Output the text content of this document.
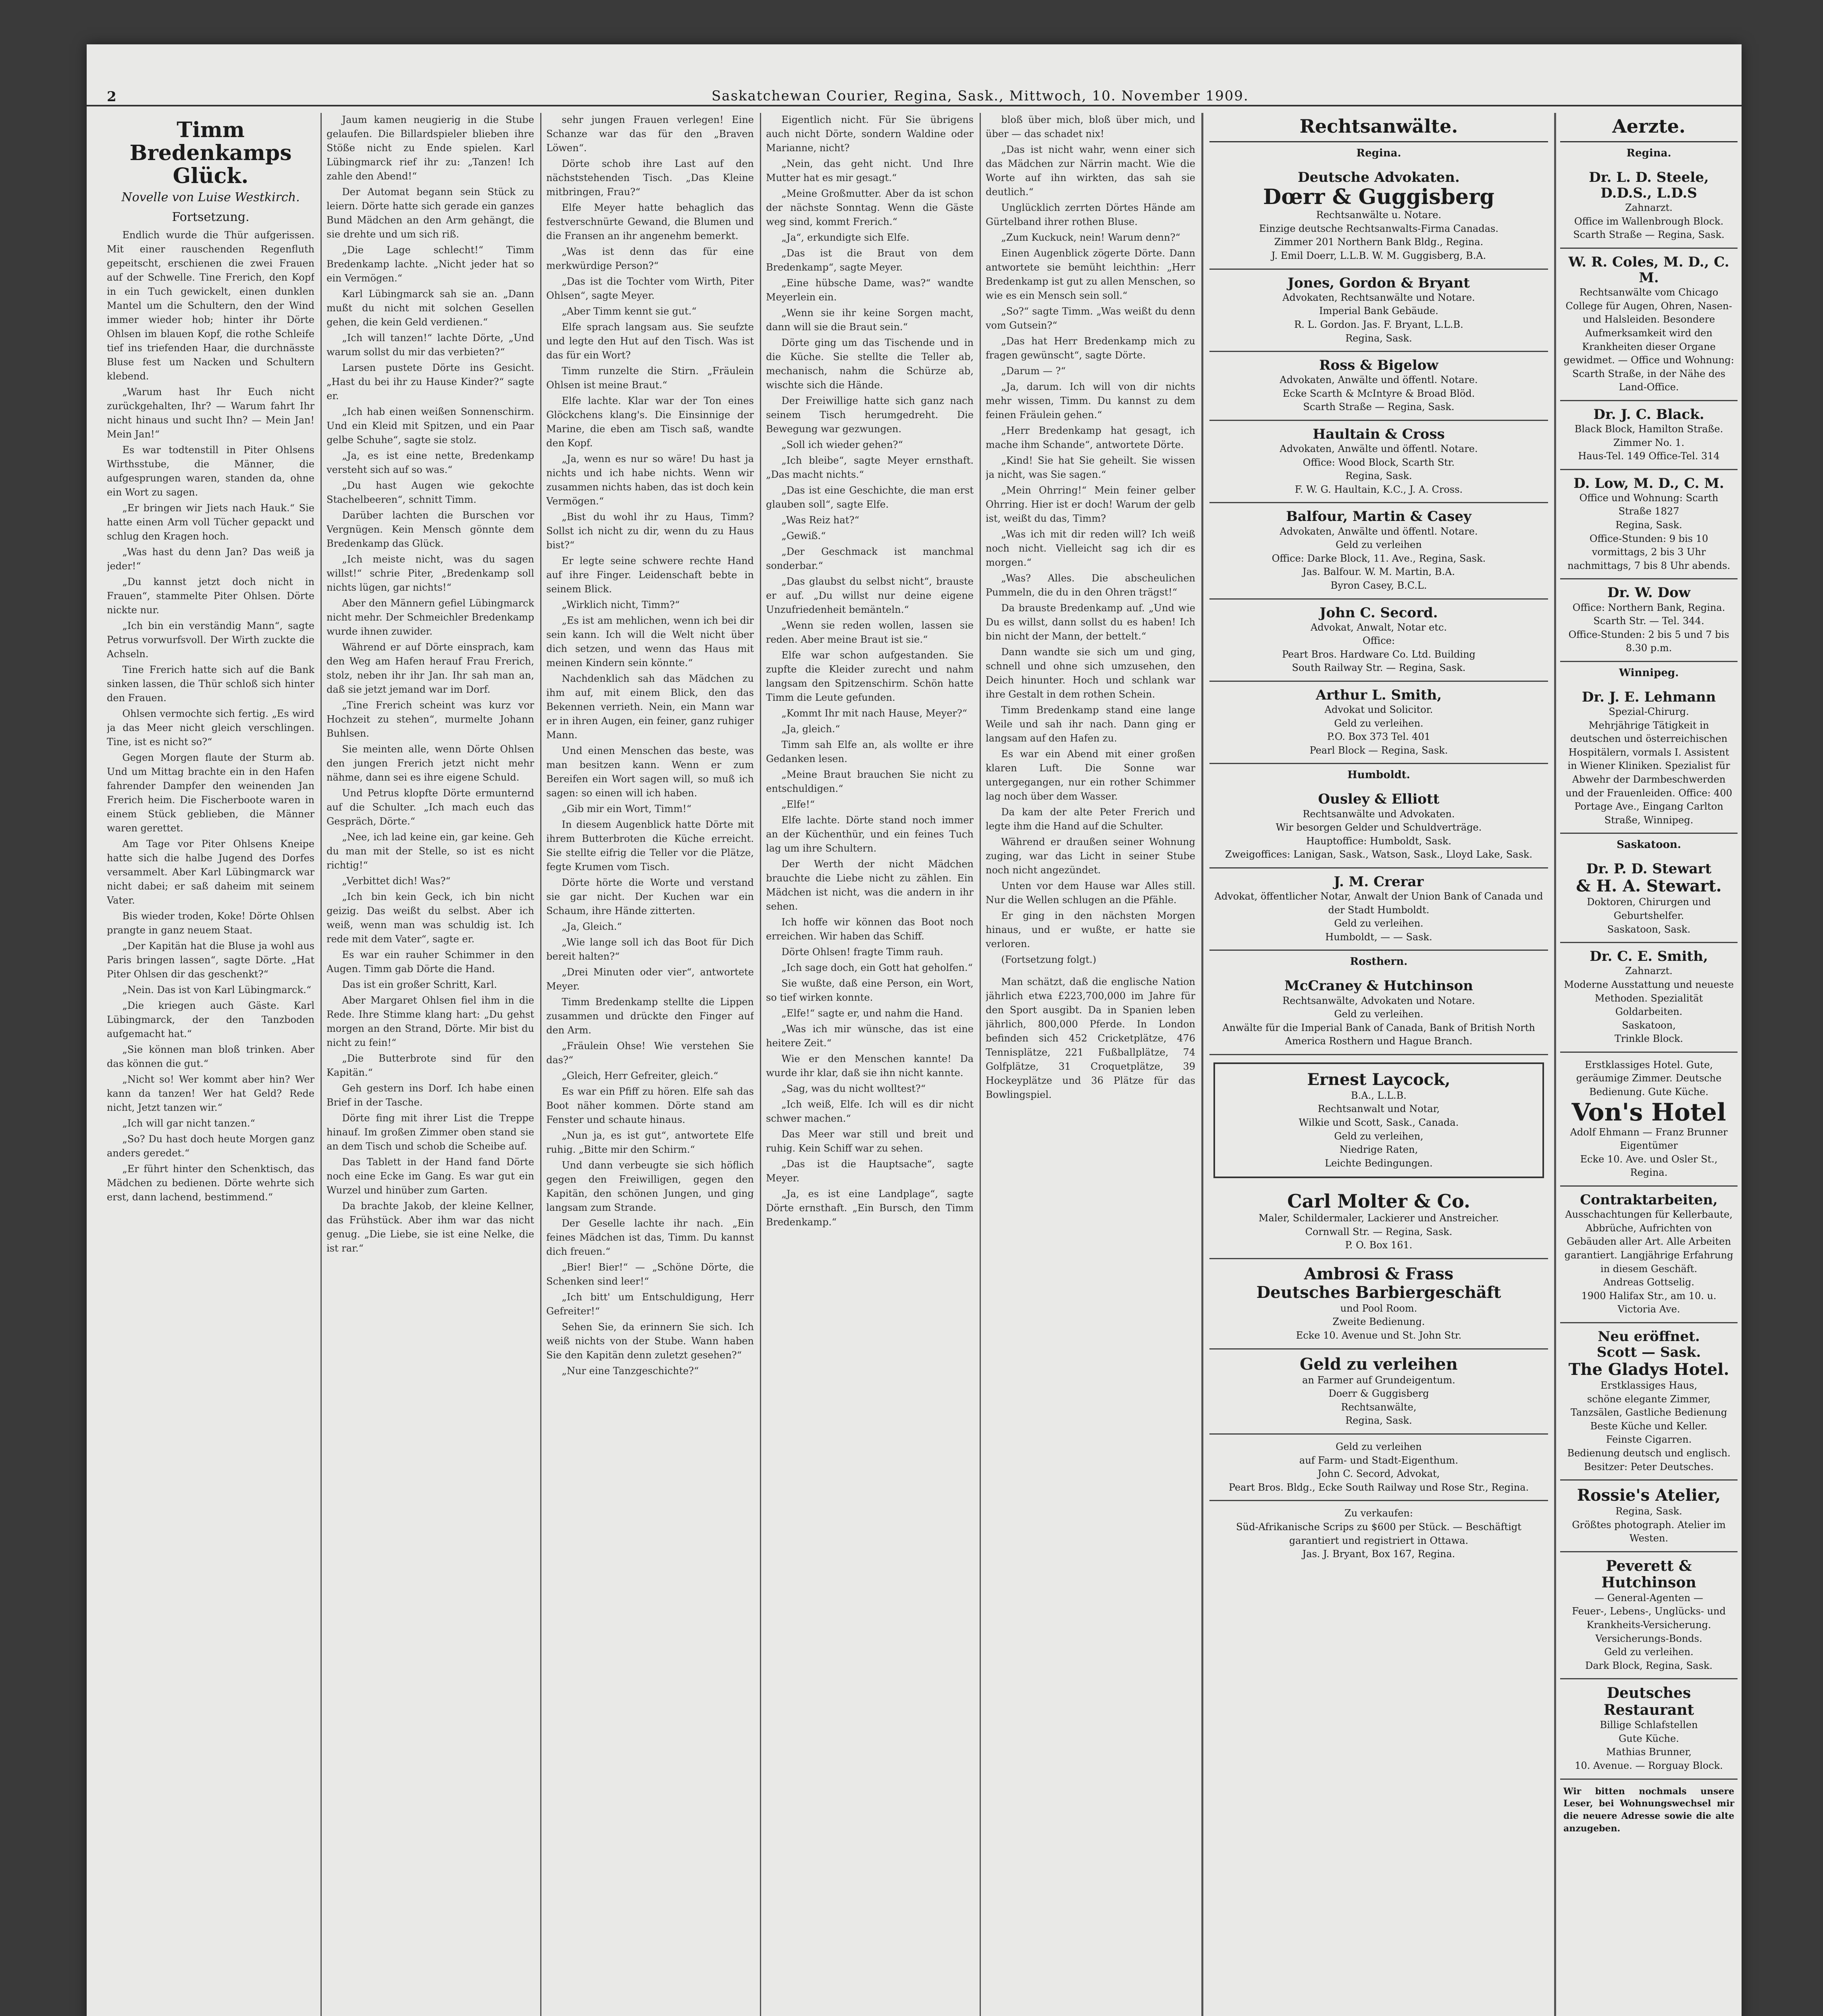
2	Saskatchewan Courier, Regina, Sask., Mittwoch, 10. November 1909.
Timm Bredenkamps Glück.
Novelle von Luise Westkirch.
Fortsetzung.

Endlich wurde die Thür aufgerissen. Mit einer rauschenden Regenfluth gepeitscht, erschienen die zwei Frauen auf der Schwelle. Tine Frerich, den Kopf in ein Tuch gewickelt, einen dunklen Mantel um die Schultern, den der Wind immer wieder hob; hinter ihr Dörte Ohlsen im blauen Kopf, die rothe Schleife tief ins triefenden Haar, die durchnässte Bluse fest um Nacken und Schultern klebend.

„Warum hast Ihr Euch nicht zurückgehalten, Ihr? — Warum fahrt Ihr nicht hinaus und sucht Ihn? — Mein Jan! Mein Jan!“

Es war todtenstill in Piter Ohlsens Wirthsstube, die Männer, die aufgesprungen waren, standen da, ohne ein Wort zu sagen.

„Er bringen wir Jiets nach Hauk.“ Sie hatte einen Arm voll Tücher gepackt und schlug den Kragen hoch.

„Was hast du denn Jan? Das weiß ja jeder!“

„Du kannst jetzt doch nicht in Frauen“, stammelte Piter Ohlsen. Dörte nickte nur.

„Ich bin ein verständig Mann“, sagte Petrus vorwurfsvoll. Der Wirth zuckte die Achseln.

Tine Frerich hatte sich auf die Bank sinken lassen, die Thür schloß sich hinter den Frauen.

Ohlsen vermochte sich fertig. „Es wird ja das Meer nicht gleich verschlingen. Tine, ist es nicht so?“

Gegen Morgen flaute der Sturm ab. Und um Mittag brachte ein in den Hafen fahrender Dampfer den weinenden Jan Frerich heim. Die Fischerboote waren in einem Stück geblieben, die Männer waren gerettet.

Am Tage vor Piter Ohlsens Kneipe hatte sich die halbe Jugend des Dorfes versammelt. Aber Karl Lübingmarck war nicht dabei; er saß daheim mit seinem Vater.

Bis wieder troden, Koke! Dörte Ohlsen prangte in ganz neuem Staat.

„Der Kapitän hat die Bluse ja wohl aus Paris bringen lassen“, sagte Dörte. „Hat Piter Ohlsen dir das geschenkt?“

„Nein. Das ist von Karl Lübingmarck.“

„Die kriegen auch Gäste. Karl Lübingmarck, der den Tanzboden aufgemacht hat.“

„Sie können man bloß trinken. Aber das können die gut.“

„Nicht so! Wer kommt aber hin? Wer kann da tanzen! Wer hat Geld? Rede nicht, Jetzt tanzen wir.“

„Ich will gar nicht tanzen.“

„So? Du hast doch heute Morgen ganz anders geredet.“

„Er führt hinter den Schenktisch, das Mädchen zu bedienen. Dörte wehrte sich erst, dann lachend, bestimmend.“

Jaum kamen neugierig in die Stube gelaufen. Die Billardspieler blieben ihre Stöße nicht zu Ende spielen. Karl Lübingmarck rief ihr zu: „Tanzen! Ich zahle den Abend!“

Der Automat begann sein Stück zu leiern. Dörte hatte sich gerade ein ganzes Bund Mädchen an den Arm gehängt, die sie drehte und um sich riß.

„Die Lage schlecht!“ Timm Bredenkamp lachte. „Nicht jeder hat so ein Vermögen.“

Karl Lübingmarck sah sie an. „Dann mußt du nicht mit solchen Gesellen gehen, die kein Geld verdienen.“

„Ich will tanzen!“ lachte Dörte, „Und warum sollst du mir das verbieten?“

Larsen pustete Dörte ins Gesicht. „Hast du bei ihr zu Hause Kinder?“ sagte er.

„Ich hab einen weißen Sonnenschirm. Und ein Kleid mit Spitzen, und ein Paar gelbe Schuhe“, sagte sie stolz.

„Ja, es ist eine nette, Bredenkamp versteht sich auf so was.“

„Du hast Augen wie gekochte Stachelbeeren“, schnitt Timm.

Darüber lachten die Burschen vor Vergnügen. Kein Mensch gönnte dem Bredenkamp das Glück.

„Ich meiste nicht, was du sagen willst!“ schrie Piter, „Bredenkamp soll nichts lügen, gar nichts!“

Aber den Männern gefiel Lübingmarck nicht mehr. Der Schmeichler Bredenkamp wurde ihnen zuwider.

Während er auf Dörte einsprach, kam den Weg am Hafen herauf Frau Frerich, stolz, neben ihr ihr Jan. Ihr sah man an, daß sie jetzt jemand war im Dorf.

„Tine Frerich scheint was kurz vor Hochzeit zu stehen“, murmelte Johann Buhlsen.

Sie meinten alle, wenn Dörte Ohlsen den jungen Frerich jetzt nicht mehr nähme, dann sei es ihre eigene Schuld.

Und Petrus klopfte Dörte ermunternd auf die Schulter. „Ich mach euch das Gespräch, Dörte.“

„Nee, ich lad keine ein, gar keine. Geh du man mit der Stelle, so ist es nicht richtig!“

„Verbittet dich! Was?“

„Ich bin kein Geck, ich bin nicht geizig. Das weißt du selbst. Aber ich weiß, wenn man was schuldig ist. Ich rede mit dem Vater“, sagte er.

Es war ein rauher Schimmer in den Augen. Timm gab Dörte die Hand.

Das ist ein großer Schritt, Karl.

Aber Margaret Ohlsen fiel ihm in die Rede. Ihre Stimme klang hart: „Du gehst morgen an den Strand, Dörte. Mir bist du nicht zu fein!“

„Die Butterbrote sind für den Kapitän.“

Geh gestern ins Dorf. Ich habe einen Brief in der Tasche.

Dörte fing mit ihrer List die Treppe hinauf. Im großen Zimmer oben stand sie an dem Tisch und schob die Scheibe auf.

Das Tablett in der Hand fand Dörte noch eine Ecke im Gang. Es war gut ein Wurzel und hinüber zum Garten.

Da brachte Jakob, der kleine Kellner, das Frühstück. Aber ihm war das nicht genug. „Die Liebe, sie ist eine Nelke, die ist rar.“

sehr jungen Frauen verlegen! Eine Schanze war das für den „Braven Löwen“.

Dörte schob ihre Last auf den nächststehenden Tisch. „Das Kleine mitbringen, Frau?“

Elfe Meyer hatte behaglich das festverschnürte Gewand, die Blumen und die Fransen an ihr angenehm bemerkt.

„Was ist denn das für eine merkwürdige Person?“

„Das ist die Tochter vom Wirth, Piter Ohlsen“, sagte Meyer.

„Aber Timm kennt sie gut.“

Elfe sprach langsam aus. Sie seufzte und legte den Hut auf den Tisch. Was ist das für ein Wort?

Timm runzelte die Stirn. „Fräulein Ohlsen ist meine Braut.“

Elfe lachte. Klar war der Ton eines Glöckchens klang's. Die Einsinnige der Marine, die eben am Tisch saß, wandte den Kopf.

„Ja, wenn es nur so wäre! Du hast ja nichts und ich habe nichts. Wenn wir zusammen nichts haben, das ist doch kein Vermögen.“

„Bist du wohl ihr zu Haus, Timm? Sollst ich nicht zu dir, wenn du zu Haus bist?“

Er legte seine schwere rechte Hand auf ihre Finger. Leidenschaft bebte in seinem Blick.

„Wirklich nicht, Timm?“

„Es ist am mehlichen, wenn ich bei dir sein kann. Ich will die Welt nicht über dich setzen, und wenn das Haus mit meinen Kindern sein könnte.“

Nachdenklich sah das Mädchen zu ihm auf, mit einem Blick, den das Bekennen verrieth. Nein, ein Mann war er in ihren Augen, ein feiner, ganz ruhiger Mann.

Und einen Menschen das beste, was man besitzen kann. Wenn er zum Bereifen ein Wort sagen will, so muß ich sagen: so einen will ich haben.

„Gib mir ein Wort, Timm!“

In diesem Augenblick hatte Dörte mit ihrem Butterbroten die Küche erreicht. Sie stellte eifrig die Teller vor die Plätze, fegte Krumen vom Tisch.

Dörte hörte die Worte und verstand sie gar nicht. Der Kuchen war ein Schaum, ihre Hände zitterten.

„Ja, Gleich.“

„Wie lange soll ich das Boot für Dich bereit halten?“

„Drei Minuten oder vier“, antwortete Meyer.

Timm Bredenkamp stellte die Lippen zusammen und drückte den Finger auf den Arm.

„Fräulein Ohse! Wie verstehen Sie das?“

„Gleich, Herr Gefreiter, gleich.“

Es war ein Pfiff zu hören. Elfe sah das Boot näher kommen. Dörte stand am Fenster und schaute hinaus.

„Nun ja, es ist gut“, antwortete Elfe ruhig. „Bitte mir den Schirm.“

Und dann verbeugte sie sich höflich gegen den Freiwilligen, gegen den Kapitän, den schönen Jungen, und ging langsam zum Strande.

Der Geselle lachte ihr nach. „Ein feines Mädchen ist das, Timm. Du kannst dich freuen.“

„Bier! Bier!“ — „Schöne Dörte, die Schenken sind leer!“

„Ich bitt' um Entschuldigung, Herr Gefreiter!“

Sehen Sie, da erinnern Sie sich. Ich weiß nichts von der Stube. Wann haben Sie den Kapitän denn zuletzt gesehen?“

„Nur eine Tanzgeschichte?“

Eigentlich nicht. Für Sie übrigens auch nicht Dörte, sondern Waldine oder Marianne, nicht?

„Nein, das geht nicht. Und Ihre Mutter hat es mir gesagt.“

„Meine Großmutter. Aber da ist schon der nächste Sonntag. Wenn die Gäste weg sind, kommt Frerich.“

„Ja“, erkundigte sich Elfe.

„Das ist die Braut von dem Bredenkamp“, sagte Meyer.

„Eine hübsche Dame, was?“ wandte Meyerlein ein.

„Wenn sie ihr keine Sorgen macht, dann will sie die Braut sein.“

Dörte ging um das Tischende und in die Küche. Sie stellte die Teller ab, mechanisch, nahm die Schürze ab, wischte sich die Hände.

Der Freiwillige hatte sich ganz nach seinem Tisch herumgedreht. Die Bewegung war gezwungen.

„Soll ich wieder gehen?“

„Ich bleibe“, sagte Meyer ernsthaft. „Das macht nichts.“

„Das ist eine Geschichte, die man erst glauben soll“, sagte Elfe.

„Was Reiz hat?“

„Gewiß.“

„Der Geschmack ist manchmal sonderbar.“

„Das glaubst du selbst nicht“, brauste er auf. „Du willst nur deine eigene Unzufriedenheit bemänteln.“

„Wenn sie reden wollen, lassen sie reden. Aber meine Braut ist sie.“

Elfe war schon aufgestanden. Sie zupfte die Kleider zurecht und nahm langsam den Spitzenschirm. Schön hatte Timm die Leute gefunden.

„Kommt Ihr mit nach Hause, Meyer?“

„Ja, gleich.“

Timm sah Elfe an, als wollte er ihre Gedanken lesen.

„Meine Braut brauchen Sie nicht zu entschuldigen.“

„Elfe!“

Elfe lachte. Dörte stand noch immer an der Küchenthür, und ein feines Tuch lag um ihre Schultern.

Der Werth der nicht Mädchen brauchte die Liebe nicht zu zählen. Ein Mädchen ist nicht, was die andern in ihr sehen.

Ich hoffe wir können das Boot noch erreichen. Wir haben das Schiff.

Dörte Ohlsen! fragte Timm rauh.

„Ich sage doch, ein Gott hat geholfen.“

Sie wußte, daß eine Person, ein Wort, so tief wirken konnte.

„Elfe!“ sagte er, und nahm die Hand.

„Was ich mir wünsche, das ist eine heitere Zeit.“

Wie er den Menschen kannte! Da wurde ihr klar, daß sie ihn nicht kannte.

„Sag, was du nicht wolltest?“

„Ich weiß, Elfe. Ich will es dir nicht schwer machen.“

Das Meer war still und breit und ruhig. Kein Schiff war zu sehen.

„Das ist die Hauptsache“, sagte Meyer.

„Ja, es ist eine Landplage“, sagte Dörte ernsthaft. „Ein Bursch, den Timm Bredenkamp.“

bloß über mich, bloß über mich, und über — das schadet nix!

„Das ist nicht wahr, wenn einer sich das Mädchen zur Närrin macht. Wie die Worte auf ihn wirkten, das sah sie deutlich.“

Unglücklich zerrten Dörtes Hände am Gürtelband ihrer rothen Bluse.

„Zum Kuckuck, nein! Warum denn?“

Einen Augenblick zögerte Dörte. Dann antwortete sie bemüht leichthin: „Herr Bredenkamp ist gut zu allen Menschen, so wie es ein Mensch sein soll.“

„So?“ sagte Timm. „Was weißt du denn vom Gutsein?“

„Das hat Herr Bredenkamp mich zu fragen gewünscht“, sagte Dörte.

„Darum — ?“

„Ja, darum. Ich will von dir nichts mehr wissen, Timm. Du kannst zu dem feinen Fräulein gehen.“

„Herr Bredenkamp hat gesagt, ich mache ihm Schande“, antwortete Dörte.

„Kind! Sie hat Sie geheilt. Sie wissen ja nicht, was Sie sagen.“

„Mein Ohrring!“ Mein feiner gelber Ohrring. Hier ist er doch! Warum der gelb ist, weißt du das, Timm?

„Was ich mit dir reden will? Ich weiß noch nicht. Vielleicht sag ich dir es morgen.“

„Was? Alles. Die abscheulichen Pummeln, die du in den Ohren trägst!“

Da brauste Bredenkamp auf. „Und wie Du es willst, dann sollst du es haben! Ich bin nicht der Mann, der bettelt.“

Dann wandte sie sich um und ging, schnell und ohne sich umzusehen, den Deich hinunter. Hoch und schlank war ihre Gestalt in dem rothen Schein.

Timm Bredenkamp stand eine lange Weile und sah ihr nach. Dann ging er langsam auf den Hafen zu.

Es war ein Abend mit einer großen klaren Luft. Die Sonne war untergegangen, nur ein rother Schimmer lag noch über dem Wasser.

Da kam der alte Peter Frerich und legte ihm die Hand auf die Schulter.

Während er draußen seiner Wohnung zuging, war das Licht in seiner Stube noch nicht angezündet.

Unten vor dem Hause war Alles still. Nur die Wellen schlugen an die Pfähle.

Er ging in den nächsten Morgen hinaus, und er wußte, er hatte sie verloren.

(Fortsetzung folgt.)

Man schätzt, daß die englische Nation jährlich etwa £223,700,000 im Jahre für den Sport ausgibt. Da in Spanien leben jährlich, 800,000 Pferde. In London befinden sich 452 Cricketplätze, 476 Tennisplätze, 221 Fußballplätze, 74 Golfplätze, 31 Croquetplätze, 39 Hockeyplätze und 36 Plätze für das Bowlingspiel.

Rechtsanwälte.
Regina.
Deutsche Advokaten.
Dœrr & Guggisberg
Rechtsanwälte u. Notare.
Einzige deutsche Rechtsanwalts-Firma Canadas.
Zimmer 201 Northern Bank Bldg., Regina.
J. Emil Doerr, L.L.B. W. M. Guggisberg, B.A.
Jones, Gordon & Bryant
Advokaten, Rechtsanwälte und Notare.
Imperial Bank Gebäude.
R. L. Gordon. Jas. F. Bryant, L.L.B.
Regina, Sask.
Ross & Bigelow
Advokaten, Anwälte und öffentl. Notare.
Ecke Scarth & McIntyre & Broad Blöd.
Scarth Straße — Regina, Sask.
Haultain & Cross
Advokaten, Anwälte und öffentl. Notare.
Office: Wood Block, Scarth Str.
Regina, Sask.
F. W. G. Haultain, K.C., J. A. Cross.
Balfour, Martin & Casey
Advokaten, Anwälte und öffentl. Notare.
Geld zu verleihen
Office: Darke Block, 11. Ave., Regina, Sask.
Jas. Balfour. W. M. Martin, B.A.
Byron Casey, B.C.L.
John C. Secord.
Advokat, Anwalt, Notar etc.
Office:
Peart Bros. Hardware Co. Ltd. Building
South Railway Str. — Regina, Sask.
Arthur L. Smith,
Advokat und Solicitor.
Geld zu verleihen.
P.O. Box 373 Tel. 401
Pearl Block — Regina, Sask.
Humboldt.
Ousley & Elliott
Rechtsanwälte und Advokaten.
Wir besorgen Gelder und Schuldverträge.
Hauptoffice: Humboldt, Sask.
Zweigoffices: Lanigan, Sask., Watson, Sask., Lloyd Lake, Sask.
J. M. Crerar
Advokat, öffentlicher Notar, Anwalt der Union Bank of Canada und der Stadt Humboldt.
Geld zu verleihen.
Humboldt, — — Sask.
Rosthern.
McCraney & Hutchinson
Rechtsanwälte, Advokaten und Notare.
Geld zu verleihen.
Anwälte für die Imperial Bank of Canada, Bank of British North America Rosthern und Hague Branch.
Ernest Laycock,
B.A., L.L.B.
Rechtsanwalt und Notar,
Wilkie und Scott, Sask., Canada.
Geld zu verleihen,
Niedrige Raten,
Leichte Bedingungen.
Carl Molter & Co.
Maler, Schildermaler, Lackierer und Anstreicher.
Cornwall Str. — Regina, Sask.
P. O. Box 161.
Ambrosi & Frass
Deutsches Barbiergeschäft
und Pool Room.
Zweite Bedienung.
Ecke 10. Avenue und St. John Str.
Geld zu verleihen
an Farmer auf Grundeigentum.
Doerr & Guggisberg
Rechtsanwälte,
Regina, Sask.
Geld zu verleihen
auf Farm- und Stadt-Eigenthum.
John C. Secord, Advokat,
Peart Bros. Bldg., Ecke South Railway und Rose Str., Regina.
Zu verkaufen:
Süd-Afrikanische Scrips zu $600 per Stück. — Beschäftigt garantiert und registriert in Ottawa.
Jas. J. Bryant, Box 167, Regina.
Aerzte.
Regina.
Dr. L. D. Steele, D.D.S., L.D.S
Zahnarzt.
Office im Wallenbrough Block.
Scarth Straße — Regina, Sask.
W. R. Coles, M. D., C. M.
Rechtsanwälte vom Chicago College für Augen, Ohren, Nasen- und Halsleiden. Besondere Aufmerksamkeit wird den Krankheiten dieser Organe gewidmet. — Office und Wohnung: Scarth Straße, in der Nähe des Land-Office.
Dr. J. C. Black.
Black Block, Hamilton Straße.
Zimmer No. 1.
Haus-Tel. 149 Office-Tel. 314
D. Low, M. D., C. M.
Office und Wohnung: Scarth Straße 1827
Regina, Sask.
Office-Stunden: 9 bis 10 vormittags, 2 bis 3 Uhr nachmittags, 7 bis 8 Uhr abends.
Dr. W. Dow
Office: Northern Bank, Regina.
Scarth Str. — Tel. 344.
Office-Stunden: 2 bis 5 und 7 bis 8.30 p.m.
Winnipeg.
Dr. J. E. Lehmann
Spezial-Chirurg.
Mehrjährige Tätigkeit in deutschen und österreichischen Hospitälern, vormals I. Assistent in Wiener Kliniken. Spezialist für Abwehr der Darmbeschwerden und der Frauenleiden. Office: 400 Portage Ave., Eingang Carlton Straße, Winnipeg.
Saskatoon.
Dr. P. D. Stewart
& H. A. Stewart.
Doktoren, Chirurgen und Geburtshelfer.
Saskatoon, Sask.
Dr. C. E. Smith,
Zahnarzt.
Moderne Ausstattung und neueste Methoden. Spezialität Goldarbeiten.
Saskatoon,
Trinkle Block.
Erstklassiges Hotel. Gute, geräumige Zimmer. Deutsche Bedienung. Gute Küche.
Von's Hotel
Adolf Ehmann — Franz Brunner
Eigentümer
Ecke 10. Ave. und Osler St., Regina.
Contraktarbeiten,
Ausschachtungen für Kellerbaute, Abbrüche, Aufrichten von Gebäuden aller Art. Alle Arbeiten garantiert. Langjährige Erfahrung in diesem Geschäft.
Andreas Gottselig.
1900 Halifax Str., am 10. u. Victoria Ave.
Neu eröffnet.
Scott — Sask.
The Gladys Hotel.
Erstklassiges Haus,
schöne elegante Zimmer,
Tanzsälen, Gastliche Bedienung
Beste Küche und Keller.
Feinste Cigarren.
Bedienung deutsch und englisch.
Besitzer: Peter Deutsches.
Rossie's Atelier,
Regina, Sask.
Größtes photograph. Atelier im Westen.
Peverett & Hutchinson
— General-Agenten —
Feuer-, Lebens-, Unglücks- und Krankheits-Versicherung.
Versicherungs-Bonds.
Geld zu verleihen.
Dark Block, Regina, Sask.
Deutsches Restaurant
Billige Schlafstellen
Gute Küche.
Mathias Brunner,
10. Avenue. — Rorguay Block.
Wir bitten nochmals unsere Leser, bei Wohnungswechsel mir die neuere Adresse sowie die alte anzugeben.
